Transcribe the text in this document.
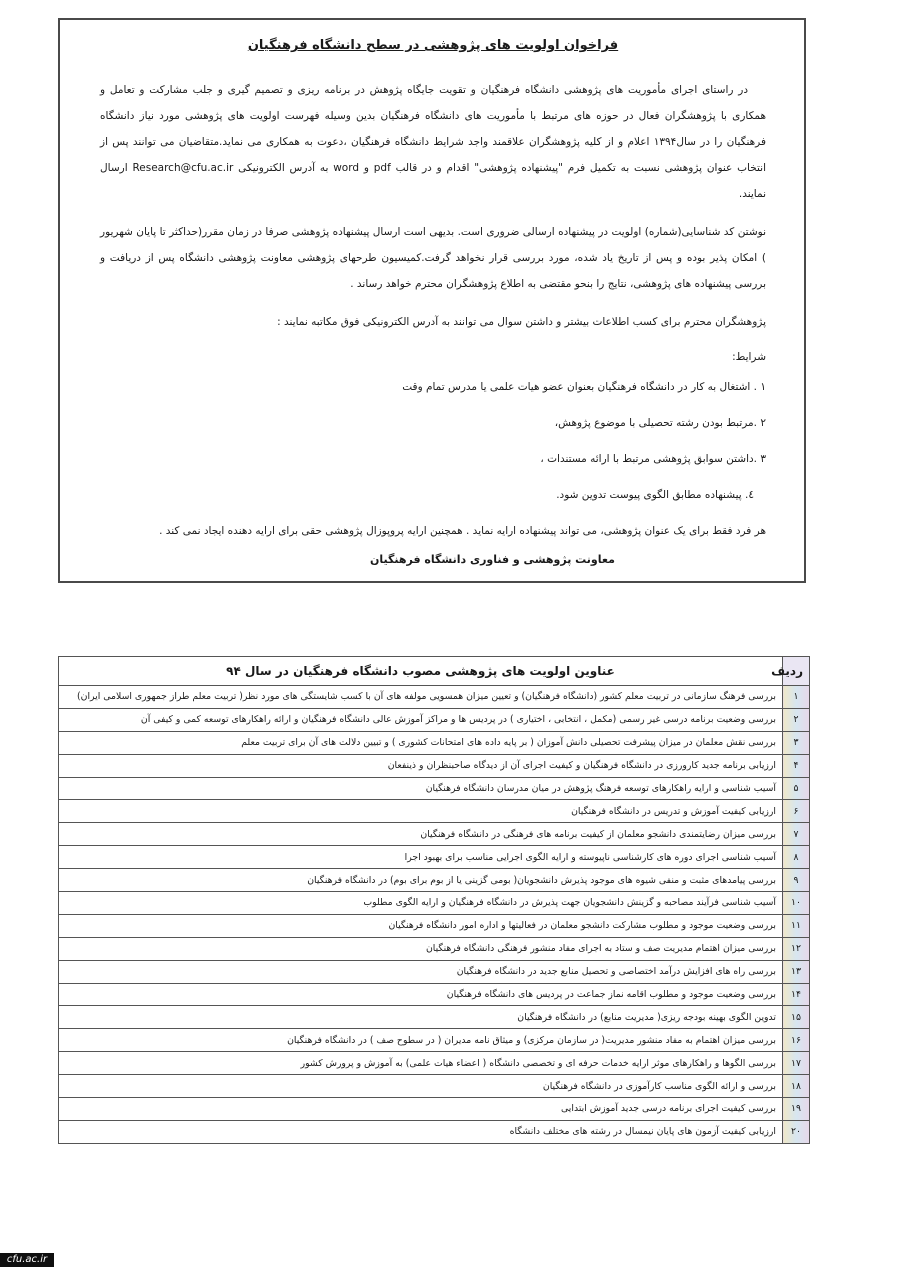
فراخوان اولویت های پژوهشی در سطح دانشگاه فرهنگیان

در راستای اجرای مأموریت های پژوهشی دانشگاه فرهنگیان و تقویت جایگاه پژوهش در برنامه ریزی و تصمیم گیری و جلب مشارکت و تعامل و همکاری با پژوهشگران فعال در حوزه های مرتبط با مأموریت های دانشگاه فرهنگیان بدین وسیله فهرست اولویت های پژوهشی مورد نیاز دانشگاه فرهنگیان را در سال۱۳۹۴ اعلام و از کلیه پژوهشگران علاقمند واجد شرایط دانشگاه فرهنگیان ،دعوت به همکاری می نماید.متقاضیان می توانند پس از انتخاب عنوان پژوهشی نسبت به تکمیل فرم "پیشنهاده پژوهشی" اقدام و در قالب pdf و word به آدرس الکترونیکی Research@cfu.ac.ir ارسال نمایند.

نوشتن کد شناسایی(شماره) اولویت در پیشنهاده ارسالی ضروری است. بدیهی است ارسال پیشنهاده پژوهشی صرفا در زمان مقرر(حداکثر تا پایان شهریور ) امکان پذیر بوده و پس از تاریخ یاد شده، مورد بررسی قرار نخواهد گرفت.کمیسیون طرحهای پژوهشی معاونت پژوهشی دانشگاه پس از دریافت و بررسی پیشنهاده های پژوهشی، نتایج را بنحو مقتضی به اطلاع پژوهشگران محترم خواهد رساند .

پژوهشگران محترم برای کسب اطلاعات بیشتر و داشتن سوال می توانند به آدرس الکترونیکی فوق مکاتبه نمایند :

شرایط:
۱ . اشتغال به کار در دانشگاه فرهنگیان بعنوان عضو هیات علمی یا مدرس تمام وقت
۲ .مرتبط بودن رشته تحصیلی با موضوع پژوهش،
۳ .داشتن سوابق پژوهشی مرتبط با ارائه مستندات ،
٤. پیشنهاده مطابق الگوی پیوست تدوین شود.
هر فرد فقط برای یک عنوان پژوهشی، می تواند پیشنهاده ارایه نماید . همچنین ارایه پروپوزال پژوهشی حقی برای ارایه دهنده ایجاد نمی کند .
معاونت پژوهشی و فناوری دانشگاه فرهنگیان
ردیف	عناوین اولویت های پژوهشی مصوب دانشگاه فرهنگیان در سال ۹۴
۱	بررسی فرهنگ سازمانی در تربیت معلم کشور (دانشگاه فرهنگیان) و تعیین میزان همسویی مولفه های آن با کسب شایستگی های مورد نظر( تربیت معلم طراز جمهوری اسلامی ایران)
۲	بررسی وضعیت برنامه درسی غیر رسمی (مکمل ، انتخابی ، اختیاری ) در پردیس ها و مراکز آموزش عالی دانشگاه فرهنگیان و ارائه راهکارهای توسعه کمی و کیفی آن
۳	بررسی نقش معلمان در میزان پیشرفت تحصیلی دانش آموزان ( بر پایه داده های امتحانات کشوری ) و تبیین دلالت های آن برای تربیت معلم
۴	ارزیابی برنامه جدید کارورزی در دانشگاه فرهنگیان و کیفیت اجرای آن از دیدگاه صاحبنظران و ذینفعان
۵	آسیب شناسی و ارایه راهکارهای توسعه فرهنگ پژوهش در میان مدرسان دانشگاه فرهنگیان
۶	ارزیابی کیفیت آموزش و تدریس در دانشگاه فرهنگیان
۷	بررسی میزان رضایتمندی دانشجو معلمان از کیفیت برنامه های فرهنگی در دانشگاه فرهنگیان
۸	آسیب شناسی اجرای دوره های کارشناسی ناپیوسته و ارایه الگوی اجرایی مناسب برای بهبود اجرا
۹	بررسی پیامدهای مثبت و منفی شیوه های موجود پذیرش دانشجویان( بومی گزینی یا از بوم برای بوم) در دانشگاه فرهنگیان
۱۰	آسیب شناسی فرآیند مصاحبه و گزینش دانشجویان جهت پذیرش در دانشگاه فرهنگیان و ارایه الگوی مطلوب
۱۱	بررسی وضعیت موجود و مطلوب مشارکت دانشجو معلمان در فعالیتها و اداره امور دانشگاه فرهنگیان
۱۲	بررسی میزان اهتمام مدیریت صف و ستاد به اجرای مفاد منشور فرهنگی دانشگاه فرهنگیان
۱۳	بررسی راه های افزایش درآمد اختصاصی و تحصیل منابع جدید در دانشگاه فرهنگیان
۱۴	بررسی وضعیت موجود و مطلوب اقامه نماز جماعت در پردیس های دانشگاه فرهنگیان
۱۵	تدوین الگوی بهینه بودجه ریزی( مدیریت منابع) در دانشگاه فرهنگیان
۱۶	بررسی میزان اهتمام به مفاد منشور مدیریت( در سازمان مرکزی) و میثاق نامه مدیران ( در سطوح صف ) در دانشگاه فرهنگیان
۱۷	بررسی الگوها و راهکارهای موثر ارایه خدمات حرفه ای و تخصصی دانشگاه ( اعضاء هیات علمی) به آموزش و پرورش کشور
۱۸	بررسی و ارائه الگوی مناسب کارآموزی در دانشگاه فرهنگیان
۱۹	بررسی کیفیت اجرای برنامه درسی جدید آموزش ابتدایی
۲۰	ارزیابی کیفیت آزمون های پایان نیمسال در رشته های مختلف دانشگاه
cfu.ac.ir
